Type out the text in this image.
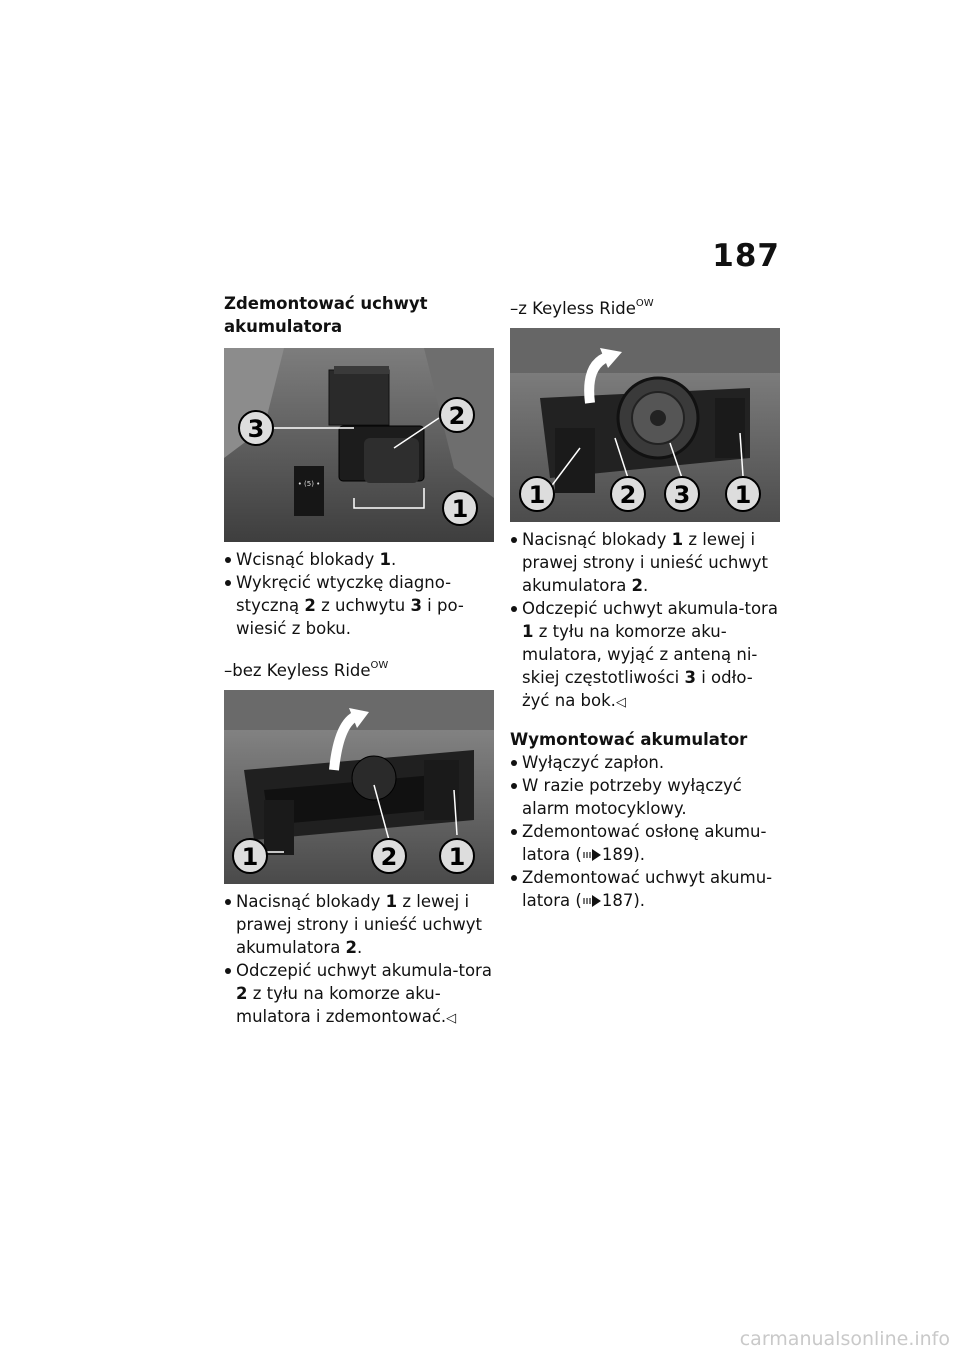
187
Zdemontować uchwyt akumulatora
• (5) •
3	2
1
Wcisnąć blokady 1.
Wykręcić wtyczkę diagno-styczną 2 z uchwytu 3 i po-wiesić z boku.
–bez Keyless Ride$^{OW}$
1	2 1
Nacisnąć blokady 1 z lewej i prawej strony i unieść uchwyt akumulatora 2.
Odczepić uchwyt akumula-tora 2 z tyłu na komorze aku-mulatora i zdemontować.◁
–z Keyless Ride$^{OW}$
1	2 3 1
Nacisnąć blokady 1 z lewej i prawej strony i unieść uchwyt akumulatora 2.
Odczepić uchwyt akumula-tora 1 z tyłu na komorze aku-mulatora, wyjąć z anteną ni-skiej częstotliwości 3 i odło-żyć na bok.◁
Wymontować akumulator
Wyłączyć zapłon.
W razie potrzeby wyłączyć alarm motocyklowy.
Zdemontować osłonę akumu-latora ( 189).
Zdemontować uchwyt akumu-latora ( 187).
carmanualsonline.info
